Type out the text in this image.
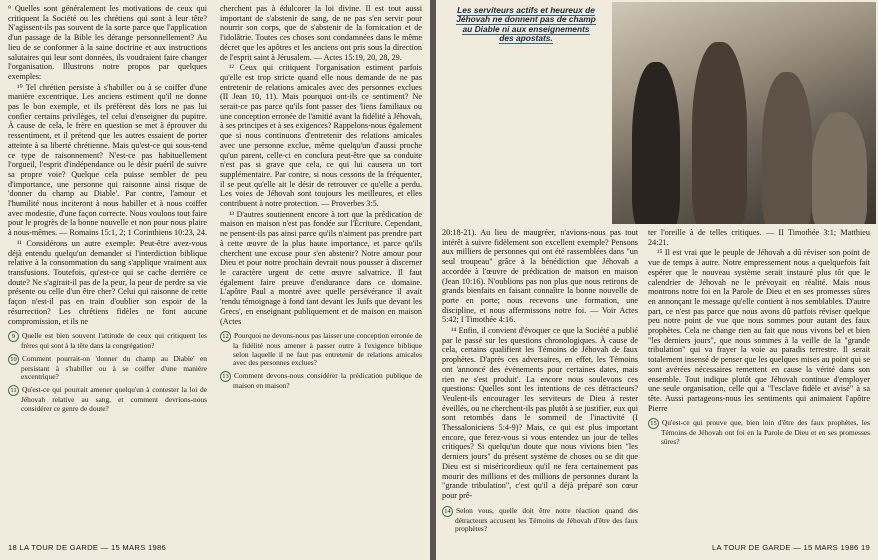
⁹ Quelles sont généralement les motivations de ceux qui critiquent la Société ou les chrétiens qui sont à leur tête? N'agissent-ils pas souvent de la sorte parce que l'application d'un passage de la Bible les dérange personnellement? Au lieu de se conformer à la saine doctrine et aux instructions salutaires qui leur sont données, ils voudraient faire changer l'organisation. Illustrons notre propos par quelques exemples:

¹⁰ Tel chrétien persiste à s'habiller ou à se coiffer d'une manière excentrique. Les anciens estiment qu'il ne donne pas le bon exemple, et ils préfèrent dès lors ne pas lui confier certains privilèges, tel celui d'enseigner du pupitre. À cause de cela, le frère en question se met à éprouver du ressentiment, et il prétend que les autres essaient de porter atteinte à sa liberté chrétienne. Mais qu'est-ce qui sous-tend ce type de raisonnement? N'est-ce pas habituellement l'orgueil, l'esprit d'indépendance ou le désir puéril de suivre sa propre voie? Quelque cela puisse sembler de peu d'importance, une personne qui raisonne ainsi risque de 'donner du champ au Diable'. Par contre, l'amour et l'humilité nous inciteront à nous habiller et à nous coiffer avec modestie, d'une façon correcte. Nous voulons tout faire pour le progrès de la bonne nouvelle et non pour nous plaire à nous-mêmes. — Romains 15:1, 2; 1 Corinthiens 10:23, 24.

¹¹ Considérons un autre exemple: Peut-être avez-vous déjà entendu quelqu'un demander si l'interdiction biblique relative à la consommation du sang s'applique vraiment aux transfusions. Toutefois, qu'est-ce qui se cache derrière ce doute? Ne s'agirait-il pas de la peur, la peur de perdre sa vie présente ou celle d'un être cher? Celui qui raisonne de cette façon n'est-il pas en train d'oublier son espoir de la résurrection? Les chrétiens fidèles ne font aucune compromission, et ils ne

9 Quelle est bien souvent l'attitude de ceux qui critiquent les frères qui sont à la tête dans la congrégation?
10 Comment pourrait-on 'donner du champ au Diable' en persistant à s'habiller ou à se coiffer d'une manière excentrique?
11 Qu'est-ce qui pourrait amener quelqu'un à contester la loi de Jéhovah relative au sang, et comment devrions-nous considérer ce genre de doute?

cherchent pas à édulcorer la loi divine. Il est tout aussi important de s'abstenir de sang, de ne pas s'en servir pour nourrir son corps, que de s'abstenir de la fornication et de l'idolâtrie. Toutes ces choses sont condamnées dans le même décret que les apôtres et les anciens ont pris sous la direction de l'esprit saint à Jérusalem. — Actes 15:19, 20, 28, 29.

¹² Ceux qui critiquent l'organisation estiment parfois qu'elle est trop stricte quand elle nous demande de ne pas entretenir de relations amicales avec des personnes exclues (II Jean 10, 11). Mais pourquoi ont-ils ce sentiment? Ne serait-ce pas parce qu'ils font passer des 'liens familiaux ou une conception erronée de l'amitié avant la fidélité à Jéhovah, à ses principes et à ses exigences? Rappelons-nous également que si nous continuons d'entretenir des relations amicales avec une personne exclue, même quelqu'un d'aussi proche qu'un parent, celle-ci en conclura peut-être que sa conduite n'est pas si grave que cela, ce qui lui causera un tort supplémentaire. Par contre, si nous cessons de la fréquenter, il se peut qu'elle ait le désir de retrouver ce qu'elle a perdu. Les voies de Jéhovah sont toujours les meilleures, et elles contribuent à notre protection. — Proverbes 3:5.

¹³ D'autres soutiennent encore à tort que la prédication de maison en maison n'est pas fondée sur l'Écriture. Cependant, ne pensent-ils pas ainsi parce qu'ils n'aiment pas prendre part à cette œuvre de la plus haute importance, et parce qu'ils cherchent une excuse pour s'en abstenir? Notre amour pour Dieu et pour notre prochain devrait nous pousser à discerner le caractère urgent de cette œuvre salvatrice. Il faut également faire preuve d'endurance dans ce domaine. L'apôtre Paul a montré avec quelle persévérance il avait 'rendu témoignage à fond tant devant les Juifs que devant les Grecs', en enseignant publiquement et de maison en maison (Actes

12 Pourquoi ne devons-nous pas laisser une conception erronée de la fidélité nous amener à passer outre à l'exigence biblique selon laquelle il ne faut pas entretenir de relations amicales avec des personnes exclues?
13 Comment devons-nous considérer la prédication publique de maison en maison?
18 LA TOUR DE GARDE — 15 MARS 1986
Les serviteurs actifs et heureux de Jéhovah ne donnent pas de champ au Diable ni aux enseignements des apostats.

20:18-21). Au lieu de maugréer, n'avions-nous pas tout intérêt à suivre fidèlement son excellent exemple? Pensons aux milliers de personnes qui ont été rassemblées dans "un seul troupeau" grâce à la bénédiction que Jéhovah a accordée à l'œuvre de prédication de maison en maison (Jean 10:16). N'oublions pas non plus que nous retirons de grands bienfaits en faisant connaître la bonne nouvelle de porte en porte; nous recevons une formation, une discipline, et nous affermissons notre foi. — Voir Actes 5:42; I Timothée 4:16.

¹⁴ Enfin, il convient d'évoquer ce que la Société a publié par le passé sur les questions chronologiques. À cause de cela, certains qualifient les Témoins de Jéhovah de faux prophètes. D'après ces adversaires, en effet, les Témoins ont 'annoncé des événements pour certaines dates, mais rien ne s'est produit'. La encore nous soulevons ces questions: Quelles sont les intentions de ces détracteurs? Veulent-ils encourager les serviteurs de Dieu à rester éveillés, ou ne cherchent-ils pas plutôt à se justifier, eux qui sont retombés dans le sommeil de l'inactivité (I Thessaloniciens 5:4-9)? Mais, ce qui est plus important encore, que ferez-vous si vous entendez un jour de telles critiques? Si quelqu'un doute que nous vivions bien "les derniers jours" du présent système de choses ou se dit que Dieu est si miséricordieux qu'il ne fera certainement pas mourir des millions et des millions de personnes durant la "grande tribulation", c'est qu'il a déjà préparé son cœur pour prê-

14 Selon vous, quelle doit être notre réaction quand des détracteurs accusent les Témoins de Jéhovah d'être des faux prophètes?

ter l'oreille à de telles critiques. — II Timothée 3:1; Matthieu 24:21.

¹⁵ Il est vrai que le peuple de Jéhovah a dû réviser son point de vue de temps à autre. Notre empressement nous a quelquefois fait espérer que le nouveau système serait instauré plus tôt que le calendrier de Jéhovah ne le prévoyait en réalité. Mais nous montrons notre foi en la Parole de Dieu et en ses promesses sûres en annonçant le message qu'elle contient à nos semblables. D'autre part, ce n'est pas parce que nous avons dû parfois réviser quelque peu notre point de vue que nous sommes pour autant des faux prophètes. Cela ne change rien au fait que nous vivons bel et bien "les derniers jours", que nous sommes à la veille de la "grande tribulation" qui va frayer la voie au paradis terrestre. Il serait totalement insensé de penser que les quelques mises au point qui se sont avérées nécessaires remettent en cause la vérité dans son ensemble. Tout indique plutôt que Jéhovah continue d'employer une seule organisation, celle qui a "l'esclave fidèle et avisé" à sa tête. Aussi partageons-nous les sentiments qui animaient l'apôtre Pierre

15 Qu'est-ce qui prouve que, bien loin d'être des faux prophètes, les Témoins de Jéhovah ont foi en la Parole de Dieu et en ses promesses sûres?
LA TOUR DE GARDE — 15 MARS 1986 19
